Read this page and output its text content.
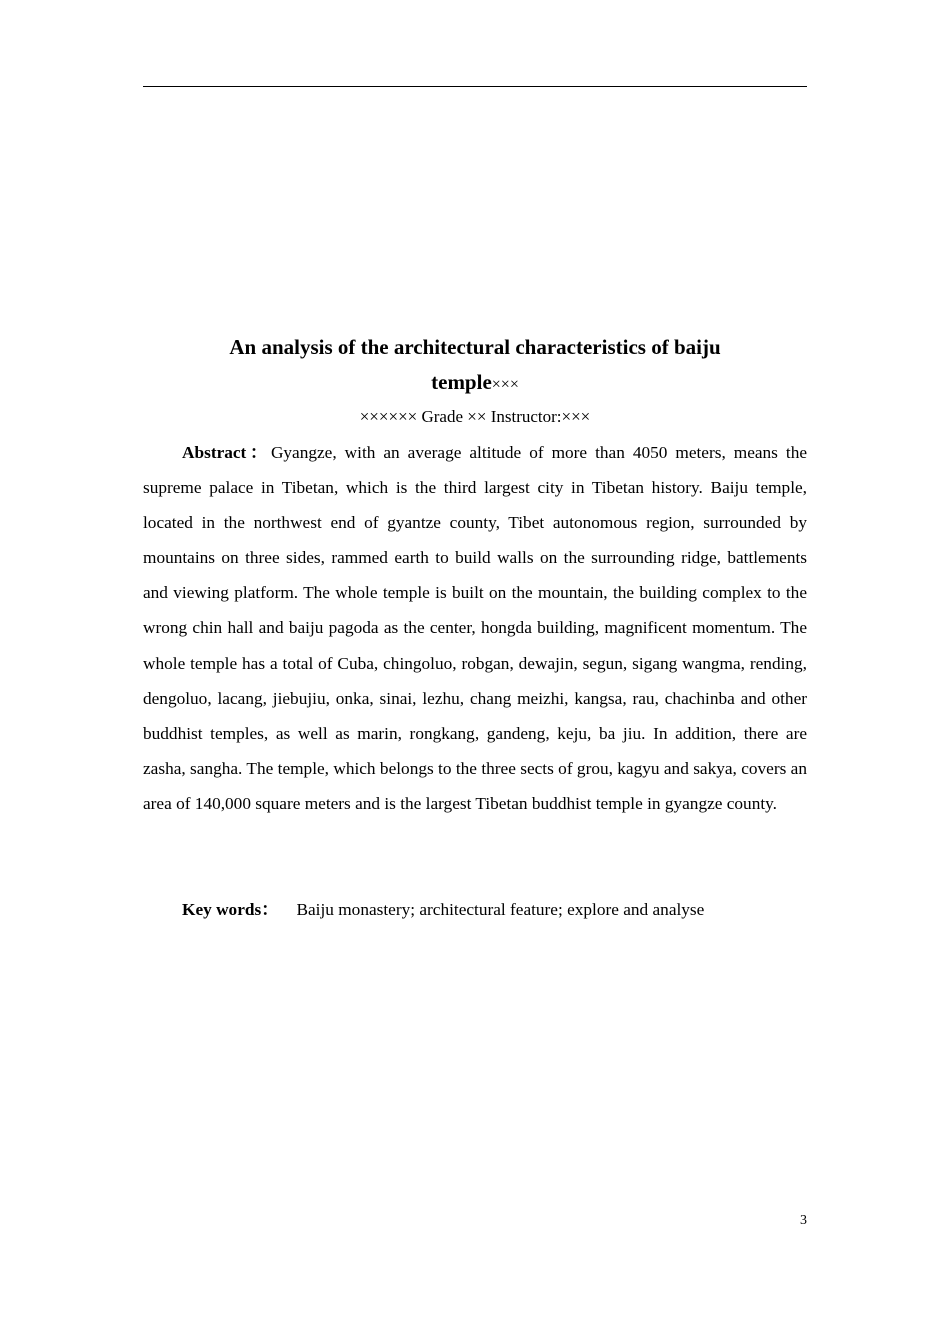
An analysis of the architectural characteristics of baiju
temple×××
×××××× Grade ×× Instructor:×××

Abstract：Gyangze, with an average altitude of more than 4050 meters, means the supreme palace in Tibetan, which is the third largest city in Tibetan history. Baiju temple, located in the northwest end of gyantze county, Tibet autonomous region, surrounded by mountains on three sides, rammed earth to build walls on the surrounding ridge, battlements and viewing platform. The whole temple is built on the mountain, the building complex to the wrong chin hall and baiju pagoda as the center, hongda building, magnificent momentum. The whole temple has a total of Cuba, chingoluo, robgan, dewajin, segun, sigang wangma, rending, dengoluo, lacang, jiebujiu, onka, sinai, lezhu, chang meizhi, kangsa, rau, chachinba and other buddhist temples, as well as marin, rongkang, gandeng, keju, ba jiu. In addition, there are zasha, sangha. The temple, which belongs to the three sects of grou, kagyu and sakya, covers an area of 140,000 square meters and is the largest Tibetan buddhist temple in gyangze county.

Key words： Baiju monastery; architectural feature; explore and analyse

3
